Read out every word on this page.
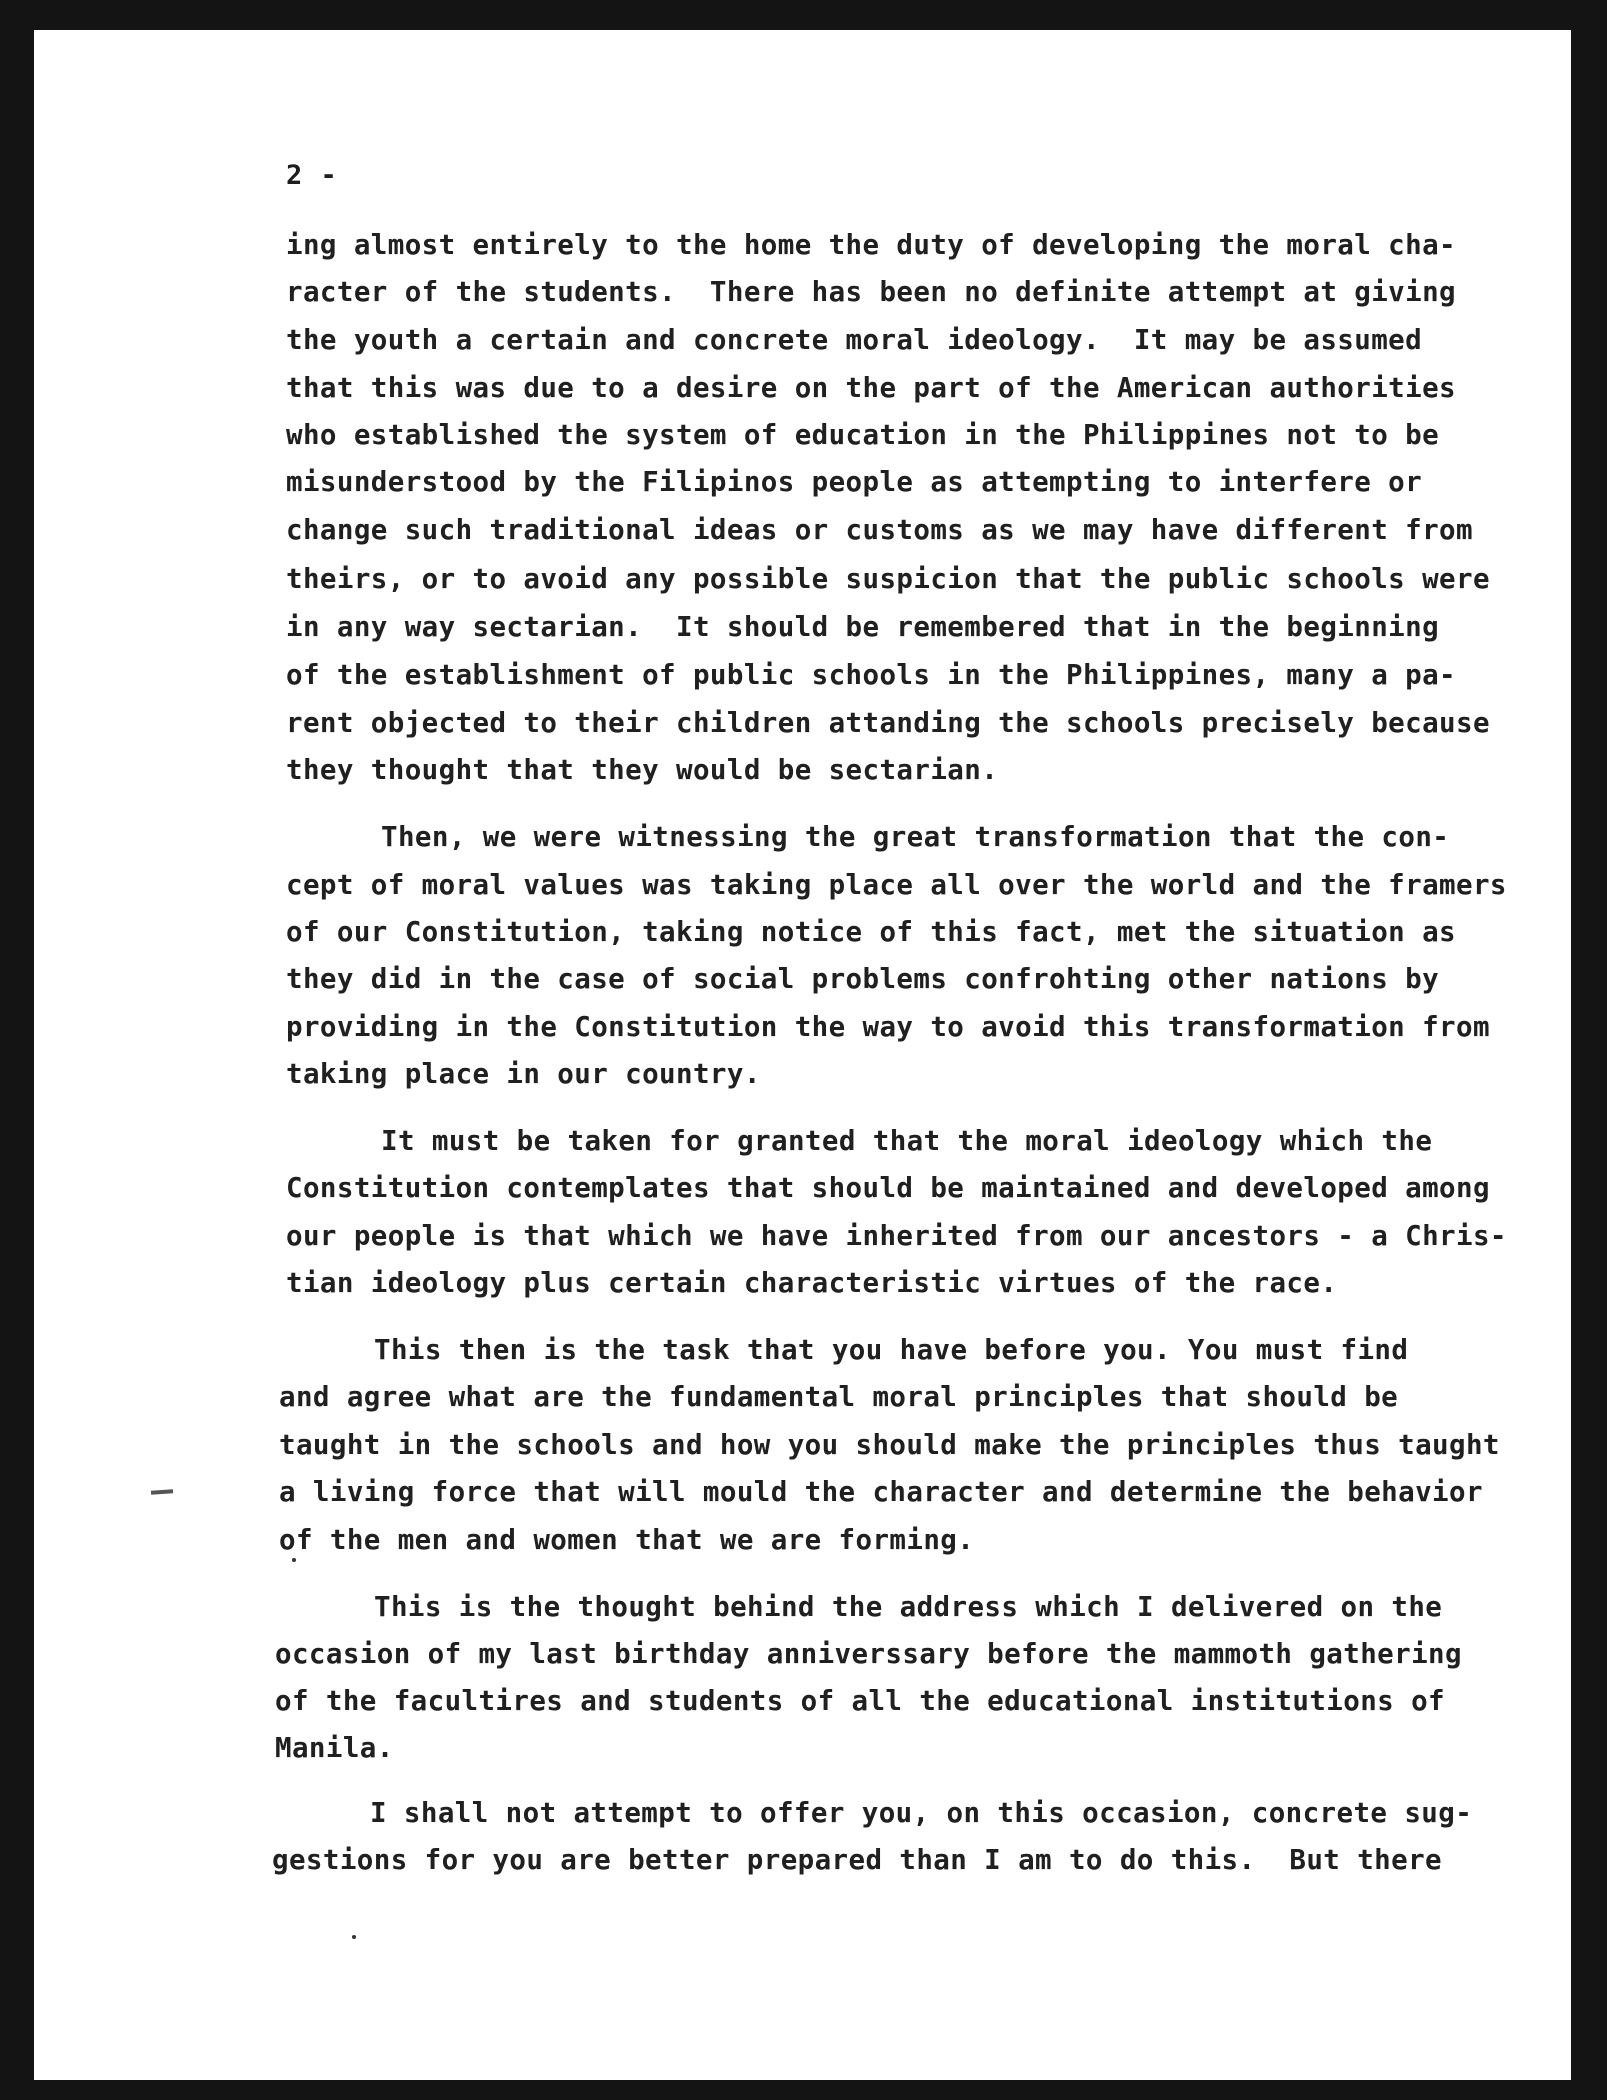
2 -
ing almost entirely to the home the duty of developing the moral cha-
racter of the students.  There has been no definite attempt at giving
the youth a certain and concrete moral ideology.  It may be assumed
that this was due to a desire on the part of the American authorities
who established the system of education in the Philippines not to be
misunderstood by the Filipinos people as attempting to interfere or
change such traditional ideas or customs as we may have different from
theirs, or to avoid any possible suspicion that the public schools were
in any way sectarian.  It should be remembered that in the beginning
of the establishment of public schools in the Philippines, many a pa-
rent objected to their children attanding the schools precisely because
they thought that they would be sectarian.
Then, we were witnessing the great transformation that the con-
cept of moral values was taking place all over the world and the framers
of our Constitution, taking notice of this fact, met the situation as
they did in the case of social problems confrohting other nations by
providing in the Constitution the way to avoid this transformation from
taking place in our country.
It must be taken for granted that the moral ideology which the
Constitution contemplates that should be maintained and developed among
our people is that which we have inherited from our ancestors - a Chris-
tian ideology plus certain characteristic virtues of the race.
This then is the task that you have before you. You must find
and agree what are the fundamental moral principles that should be
taught in the schools and how you should make the principles thus taught
a living force that will mould the character and determine the behavior
of the men and women that we are forming.
This is the thought behind the address which I delivered on the
occasion of my last birthday anniverssary before the mammoth gathering
of the facultires and students of all the educational institutions of
Manila.
I shall not attempt to offer you, on this occasion, concrete sug-
gestions for you are better prepared than I am to do this.  But there
